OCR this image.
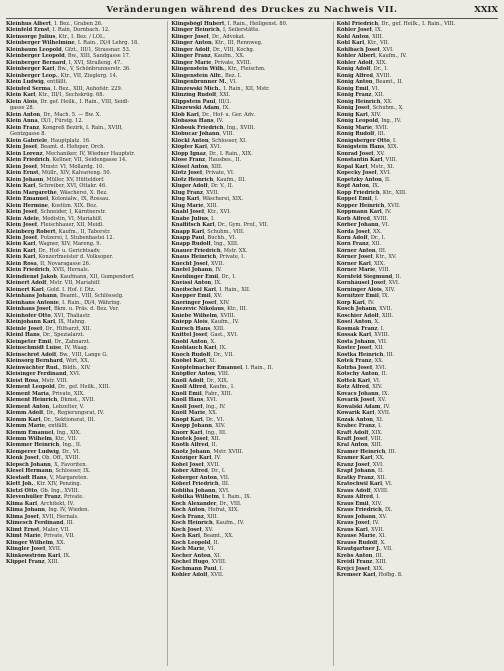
Veränderungen während des Druckes zu Nachweis VII.	XXIX
Kleinhus Albert, I. Bez., Graben 26.
Kleinfeld Ernst, I. Rain, Dornbach. 12.
Kleinsorge Julius, Ktr., I. Bez. / LOL.
Kleinberger Wilhelmine, I. Rain., IX/4 Lehrg. 18.
Kleinbaum Leopold, Gfzt., III/1, Strassnar. 53.
Kleinberger Leopold, Bw., XIII, Sandgasse 17.
Kleinberger Bernard, I, XVI, Straßeng. 47.
Kleinberger Karl, Bw., V, Schönbrunnerstr. 36.
Kleinberger Leop., Ktr., VII, Zieglerg. 14.
Klein Ludwig, entfällt.
Kleinfed Serma, I. Bez., XIII, Auhofstr. 229.
Klein Karl, Ktr., III/1, Sechskrüg. 68.
Klein Alois, Dr. gef. Heilk., I. Rain., VIII, Seidl-
gasse 28.
Klein Anton, Dr., Mach. 5. — Bw. X.
Klein Anna, IX/1, Fürstg. 12.
Klein Franz, Kongreß Bezirk, I. Rain., XVIII,
Gentzgasse 8.
Klein Gabriele, Hauptplatz. 16.
Klein Josef, Beamt. d. Hofoper, Orch.
Klein Lorenz, Mechaniker, IV, Wiedner Hauptstr.
Klein Friedrich, Kellner, VII, Seidengasse 14.
Klein Josef, Mmstr. VI, Mollardg. 10.
Klein Ernst, Müllr., XIV, Kalvarieng. 50.
Klein Johann, Müller, XV, Hütteldorf.
Klein Karl, Schreiber, XVI, Ottakr. 46.
Klein Margarethe, Wäscherei, X. Bez.
Klein Emanuel, Kolonialw., IX, Rossau.
Klein Hermine, Kostüm. XIX. Bez.
Klein Josef, Schneider, I, Kärntnerstr.
Klein Adele, Modistin, VI, Mariahilf.
Klein Josef, Fleischhauer, XII, Meidl.
Kleinberg Robert, Kaufm., II, Taborstr.
Klein Josef, Putzerei, I, Stubenbastei 12.
Klein Karl, Wagner, XIV, Mareng. 9.
Klein Karl, Dr., Hof- u. Gerichtsadv.
Klein Karl, Konzertmeister d. Volksoper.
Klein Rosa, II, Novaragasse 26.
Klein Friedrich, XVII, Hernals.
Kleindienst Jakob, Kaufmann, XII, Gumpendorf.
Kleinert Adolf, Mstr. VII, Mariahilf.
Kleinert Karl, Gold. I. Hof. f. Dtz.
Kleinhans Johann, Beamt., VIII, Schlösselg.
Kleinhans Antonie, I. Rain., IX/4, Währing.
Kleinhans Josef, Bkm. u. Präs. d. Bez. Ver.
Kleinhofer Otto, XVI, Thaliastr.
Kleinjohann Karl, IX, Hahng.
Kleinle Josef, Dr., Hilfsarzt, XII.
Kleinl Hans, Dr., Spezialarzt.
Kleinpeter Emil, Dr., Zahnarzt.
Kleinschmidt Luise, IV, Waag.
Kleinschrot Adolf, Bw., VIII, Lange G.
Kleinsorg Bernhard, Wirt, XX.
Kleinwächter Rud., Bildh., XIV.
Kleisinger Ferdinand, XVI.
Kleist Rosa, Mstr. VIII.
Klement Leopold, Dr., gef. Heilk., XIII.
Klement Maria, Private, XIX.
Klement Heinrich, Dkmst., XVII.
Klement Anton, Lebzelter, V.
Klemm Adolf, Dr., Regierungsrat, IV.
Klemm Karl, Dr., Sektionsrat, III.
Klemm Marie, entfällt.
Klemm Emanuel, Ing., XIX.
Klemm Wilhelm, Ktr., VII.
Klemmer Heinrich, Ing., II.
Klemperer Ludwig, Dr., VI.
Klenk Josef, Ob. Off., XVIII.
Klepsch Johann, X, Favoriten.
Klesel Hermann, Schlosser, IX.
Klestadt Hans, V, Margareten.
Klett Joh., Ktr. XIV, Penzing.
Kletzl Otto, Ob. Ing., XVIII.
Klevenhüller Franz, Private.
Klima Karl, Architekt, IV.
Klima Johann, Ing. IV, Wieden.
Klima Josef, XVII, Hernals.
Klimesch Ferdinand, III.
Klimt Ernst, Maler, VII.
Klimt Marie, Private, VII.
Klinger Wilhelm, XX.
Klingler Josef, XVII.
Klinkowström Karl, IX.
Klippel Franz, XIII.
Klingsbögl Hubert, I. Rain., Heiligenst. 80.
Klinger Heinrich, I, Seilerstätte.
Klinger Josef, Dr., Advokat.
Klinger Anton, Ktr., III, Rennweg.
Klinger Adolf, Dr., VIII, Kochg.
Klinger Franz, Kaufm., XX.
Klinger Marie, Private, XVIII.
Klingenstein Wilh., Ktr., Fleischm.
Klingenstein Alfr., Bez. I.
Klingenbrunner M., VI.
Klinzewski Mich., I. Rain., XII, Mstr.
Klinzing Rudolf, XXI.
Klippstein Paul, III/3.
Kliszewski Adam, IX.
Klob Karl, Dr., Hof- u. Ger. Adv.
Klobassa Hans, IV.
Klobouk Friedrich, Ing., XVIII.
Klobucar Johann, VIII.
Klöckl Anton, Schlosser, XI.
Klöpfer Karl, XVI.
Klopp Ignaz, Dr., I. Rain., XIX.
Klose Franz, Hausbes., II.
Klösel Anton, XIII.
Klotz Josef, Private, VI.
Klotz Heinrich, Kaufm., III.
Kluger Adolf, Dr. V., II.
Klug Franz, XVII.
Klug Karl, Wäscherei, XIX.
Klug Marie, XIII.
Knabl Josef, Ktr., XVI.
Knabe Julius, I.
Knaflitsch Karl, Dr., Gym. Prof., VII.
Knapp Karl, Schuhm., VIII.
Knapp Paul, Buchh., VI.
Knapp Rudolf, Ing., XIII.
Knauer Friedrich, Mstr. XX.
Knaus Heinrich, Private, I.
Knecht Josef, XVII.
Knefel Johann, IV.
Kneidinger Emil, Dr., I.
Kneissl Anton, IX.
Kneitschel Karl, I. Rain., XII.
Knepper Emil, XV.
Kneringer Josef, XIV.
Knezevic Nikolaus, Ktr., III.
Kniebe Wilhelm, XVIII.
Kniepp Alois, Kaufm., IV.
Knirsch Hans, XIII.
Knittel Josef, Gast., XVI.
Knobl Anton, X.
Knoblauch Karl, IX.
Knoch Rudolf, Dr., VII.
Knöbel Karl, XI.
Knöpfelmacher Emanuel, I. Rain., II.
Knöpfler Anton, VIII.
Knoll Adolf, Dr., XIX.
Knoll Alfred, Kaufm., I.
Knoll Emil, Fabr., XIII.
Knoll Hans, XVI.
Knoll Josef, Ing., IV.
Knoll Marie, XX.
Knopf Karl, Dr., VI.
Knopp Johann, XIV.
Knorr Karl, Ing., III.
Knotek Josef, XII.
Knoth Alfred, II.
Knotz Johann, Mstr. XVIII.
Knöziger Karl, IV.
Kobel Josef, XVII.
Kober Alfred, Dr., I.
Koberger Anton, VII.
Köberl Friedrich, III.
Kobliha Johann, XVI.
Kobilka Wilhelm, I. Rain., IX.
Koch Alexander, Dr., VIII.
Koch Anton, Hofrat, XIX.
Koch Franz, XIII.
Koch Heinrich, Kaufm., IV.
Koch Josef, XV.
Koch Karl, Beamt., XX.
Koch Leopold, II.
Koch Marie, VI.
Kocher Anton, XI.
Köchel Hugo, XVIII.
Kochmann Paul, I.
Kohler Adolf, XVII.
Köhl Friedrich, Dr., gef. Heilk., I. Rain., VIII.
Köhler Josef, IX.
Kohl Anton, XIII.
Kohl Karl, Ktr., VII.
Kohlbach Josef, XVI.
Köhler Albert, Kaufm., IV.
Köhler Adolf, XIX.
König Adolf, Dr., I.
König Alfred, XVIII.
König Anton, Beamt., II.
König Emil, VI.
König Franz, XII.
König Heinrich, XX.
König Josef, Schuhm., X.
König Karl, XIV.
König Leopold, Ing., IV.
König Marie, XVII.
König Rudolf, III.
Königsberger Otto, I.
Königstein Hans, XIX.
Konrad Josef, XV.
Konstantin Karl, VIII.
Kopal Karl, Mstr., XI.
Kopecky Josef, XVI.
Kopetzky Anton, II.
Kopf Anton, IX.
Kopp Friedrich, Ktr., XIII.
Koppel Emil, I.
Kopper Heinrich, XVII.
Koppmann Karl, IV.
Korb Alfred, XVIII.
Körber Johann, VI.
Korda Josef, XX.
Korn Adolf, Dr., I.
Korn Franz, XII.
Körner Anton, III.
Körner Josef, Ktr., XV.
Körner Karl, XIX.
Körner Marie, VIII.
Kornfeld Siegmund, II.
Kornhäusel Josef, XVI.
Korninger Alois, XIV.
Kornitzer Emil, IX.
Korp Karl, IV.
Kosch Johann, XVII.
Koschier Adolf, XIII.
Kosel Anton, X.
Kosmak Franz, I.
Kossak Karl, XVIII.
Kosta Johann, VII.
Koster Josef, XII.
Kostka Heinrich, III.
Kotek Franz, XX.
Kotrba Josef, XVI.
Kotschy Anton, II.
Kottek Karl, VI.
Kotz Alfred, XIV.
Kovacs Johann, IX.
Kovarik Josef, XV.
Kowalski Adam, IV.
Kowarik Karl, XVII.
Kozak Anton, XI.
Krabec Franz, I.
Kraft Adolf, XIX.
Kraft Josef, VIII.
Kral Anton, XIII.
Kramer Heinrich, III.
Kramer Karl, XX.
Kranz Josef, XVI.
Krapf Johann, II.
Kratky Franz, XII.
Kratochwil Karl, VI.
Kraus Adolf, XVIII.
Kraus Alfred, I.
Kraus Emil, XIV.
Kraus Friedrich, IX.
Kraus Johann, XV.
Kraus Josef, IV.
Kraus Karl, XVII.
Krause Marie, XI.
Krauss Rudolf, X.
Krautgartner J., VII.
Krebs Anton, III.
Kreidl Franz, XIII.
Krejci Josef, XIX.
Kremser Karl, Hofbg. 8.
